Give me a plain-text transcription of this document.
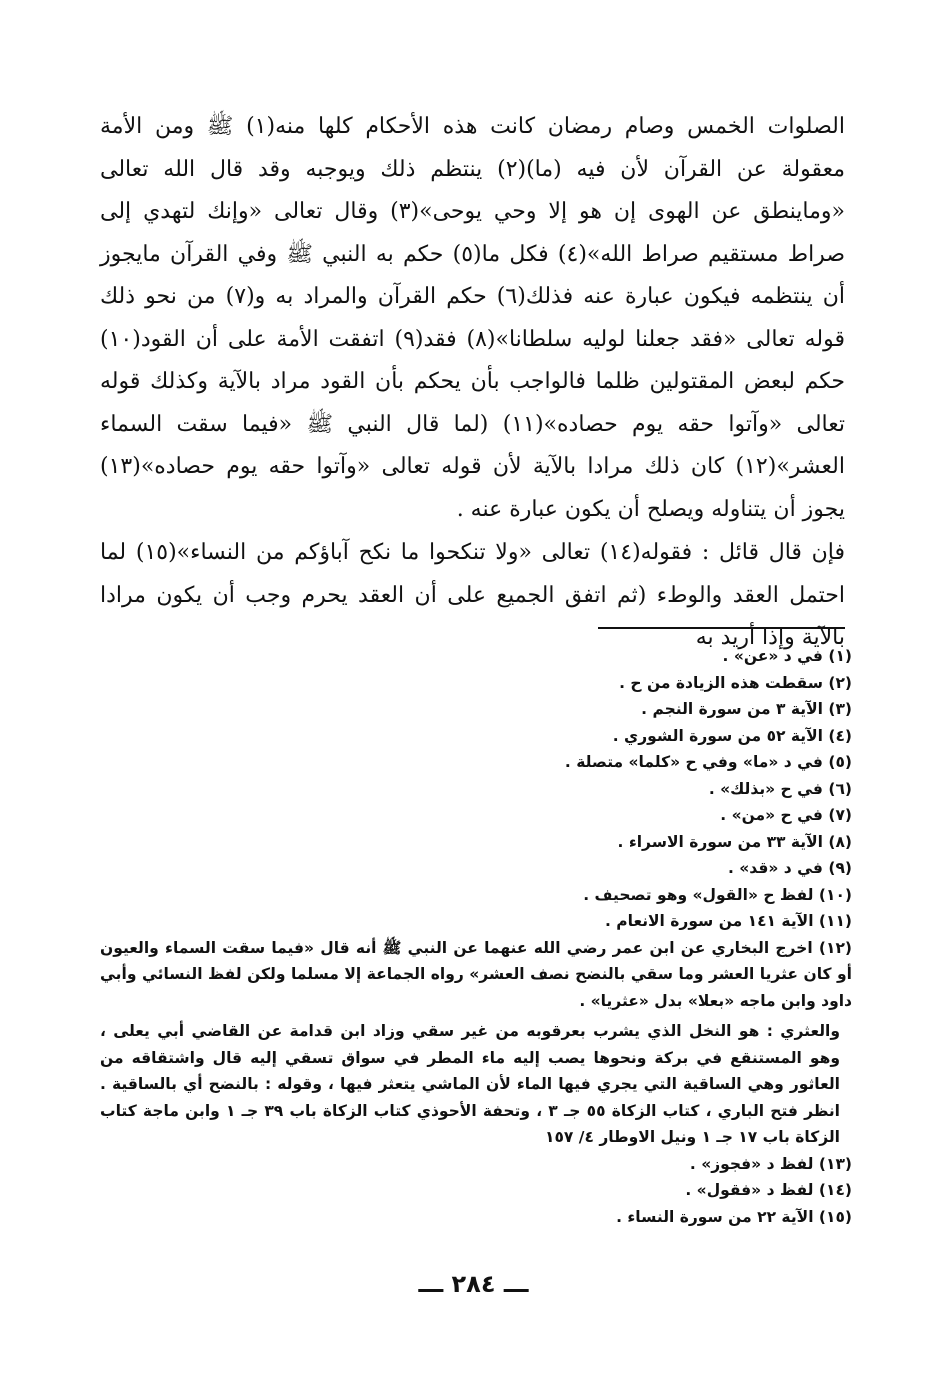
الصلوات الخمس وصام رمضان كانت هذه الأحكام كلها منه(١) ﷺ ومن الأمة معقولة عن القرآن لأن فيه (ما)(٢) ينتظم ذلك ويوجبه وقد قال الله تعالى «وماينطق عن الهوى إن هو إلا وحي يوحى»(٣) وقال تعالى «وإنك لتهدي إلى صراط مستقيم صراط الله»(٤) فكل ما(٥) حكم به النبي ﷺ وفي القرآن مايجوز أن ينتظمه فيكون عبارة عنه فذلك(٦) حكم القرآن والمراد به و(٧) من نحو ذلك قوله تعالى «فقد جعلنا لوليه سلطانا»(٨) فقد(٩) اتفقت الأمة على أن القود(١٠) حكم لبعض المقتولين ظلما فالواجب بأن يحكم بأن القود مراد بالآية وكذلك قوله تعالى «وآتوا حقه يوم حصاده»(١١) (لما قال النبي ﷺ «فيما سقت السماء العشر»(١٢) كان ذلك مرادا بالآية لأن قوله تعالى «وآتوا حقه يوم حصاده»(١٣) يجوز أن يتناوله ويصلح أن يكون عبارة عنه .

فإن قال قائل : فقوله(١٤) تعالى «ولا تنكحوا ما نكح آباؤكم من النساء»(١٥) لما احتمل العقد والوطء (ثم اتفق الجميع على أن العقد يحرم وجب أن يكون مرادا بالآية وإذا أريد به

(١) في د «عن» .
(٢) سقطت هذه الزيادة من ح .
(٣) الآية ٣ من سورة النجم .
(٤) الآية ٥٢ من سورة الشوري .
(٥) في د «ما» وفي ح «كلما» متصلة .
(٦) في ح «بذلك» .
(٧) في ح «من» .
(٨) الآية ٣٣ من سورة الاسراء .
(٩) في د «قد» .
(١٠) لفظ ح «القول» وهو تصحيف .
(١١) الآية ١٤١ من سورة الانعام .
(١٢) اخرج البخاري عن ابن عمر رضي الله عنهما عن النبي ﷺ أنه قال «فيما سقت السماء والعيون أو كان عثريا العشر وما سقي بالنضح نصف العشر» رواه الجماعة إلا مسلما ولكن لفظ النسائي وأبي داود وابن ماجه «بعلا» بدل «عثريا» .
والعثري : هو النخل الذي يشرب بعرقوبه من غير سقي وزاد ابن قدامة عن القاضي أبي يعلى ، وهو المستنقع في بركة ونحوها يصب إليه ماء المطر في سواق تسقي إليه قال واشتقاقه من العاثور وهي الساقية التي يجري فيها الماء لأن الماشي يتعثر فيها ، وقوله : بالنضح أي بالساقية . انظر فتح الباري ، كتاب الزكاة ٥٥ جـ ٣ ، وتحفة الأحوذي كتاب الزكاة باب ٣٩ جـ ١ وابن ماجة كتاب الزكاة باب ١٧ جـ ١ ونيل الاوطار ٤/ ١٥٧
(١٣) لفظ د «فجوز» .
(١٤) لفظ د «فقول» .
(١٥) الآية ٢٢ من سورة النساء .
ـــ ٢٨٤ ـــ
